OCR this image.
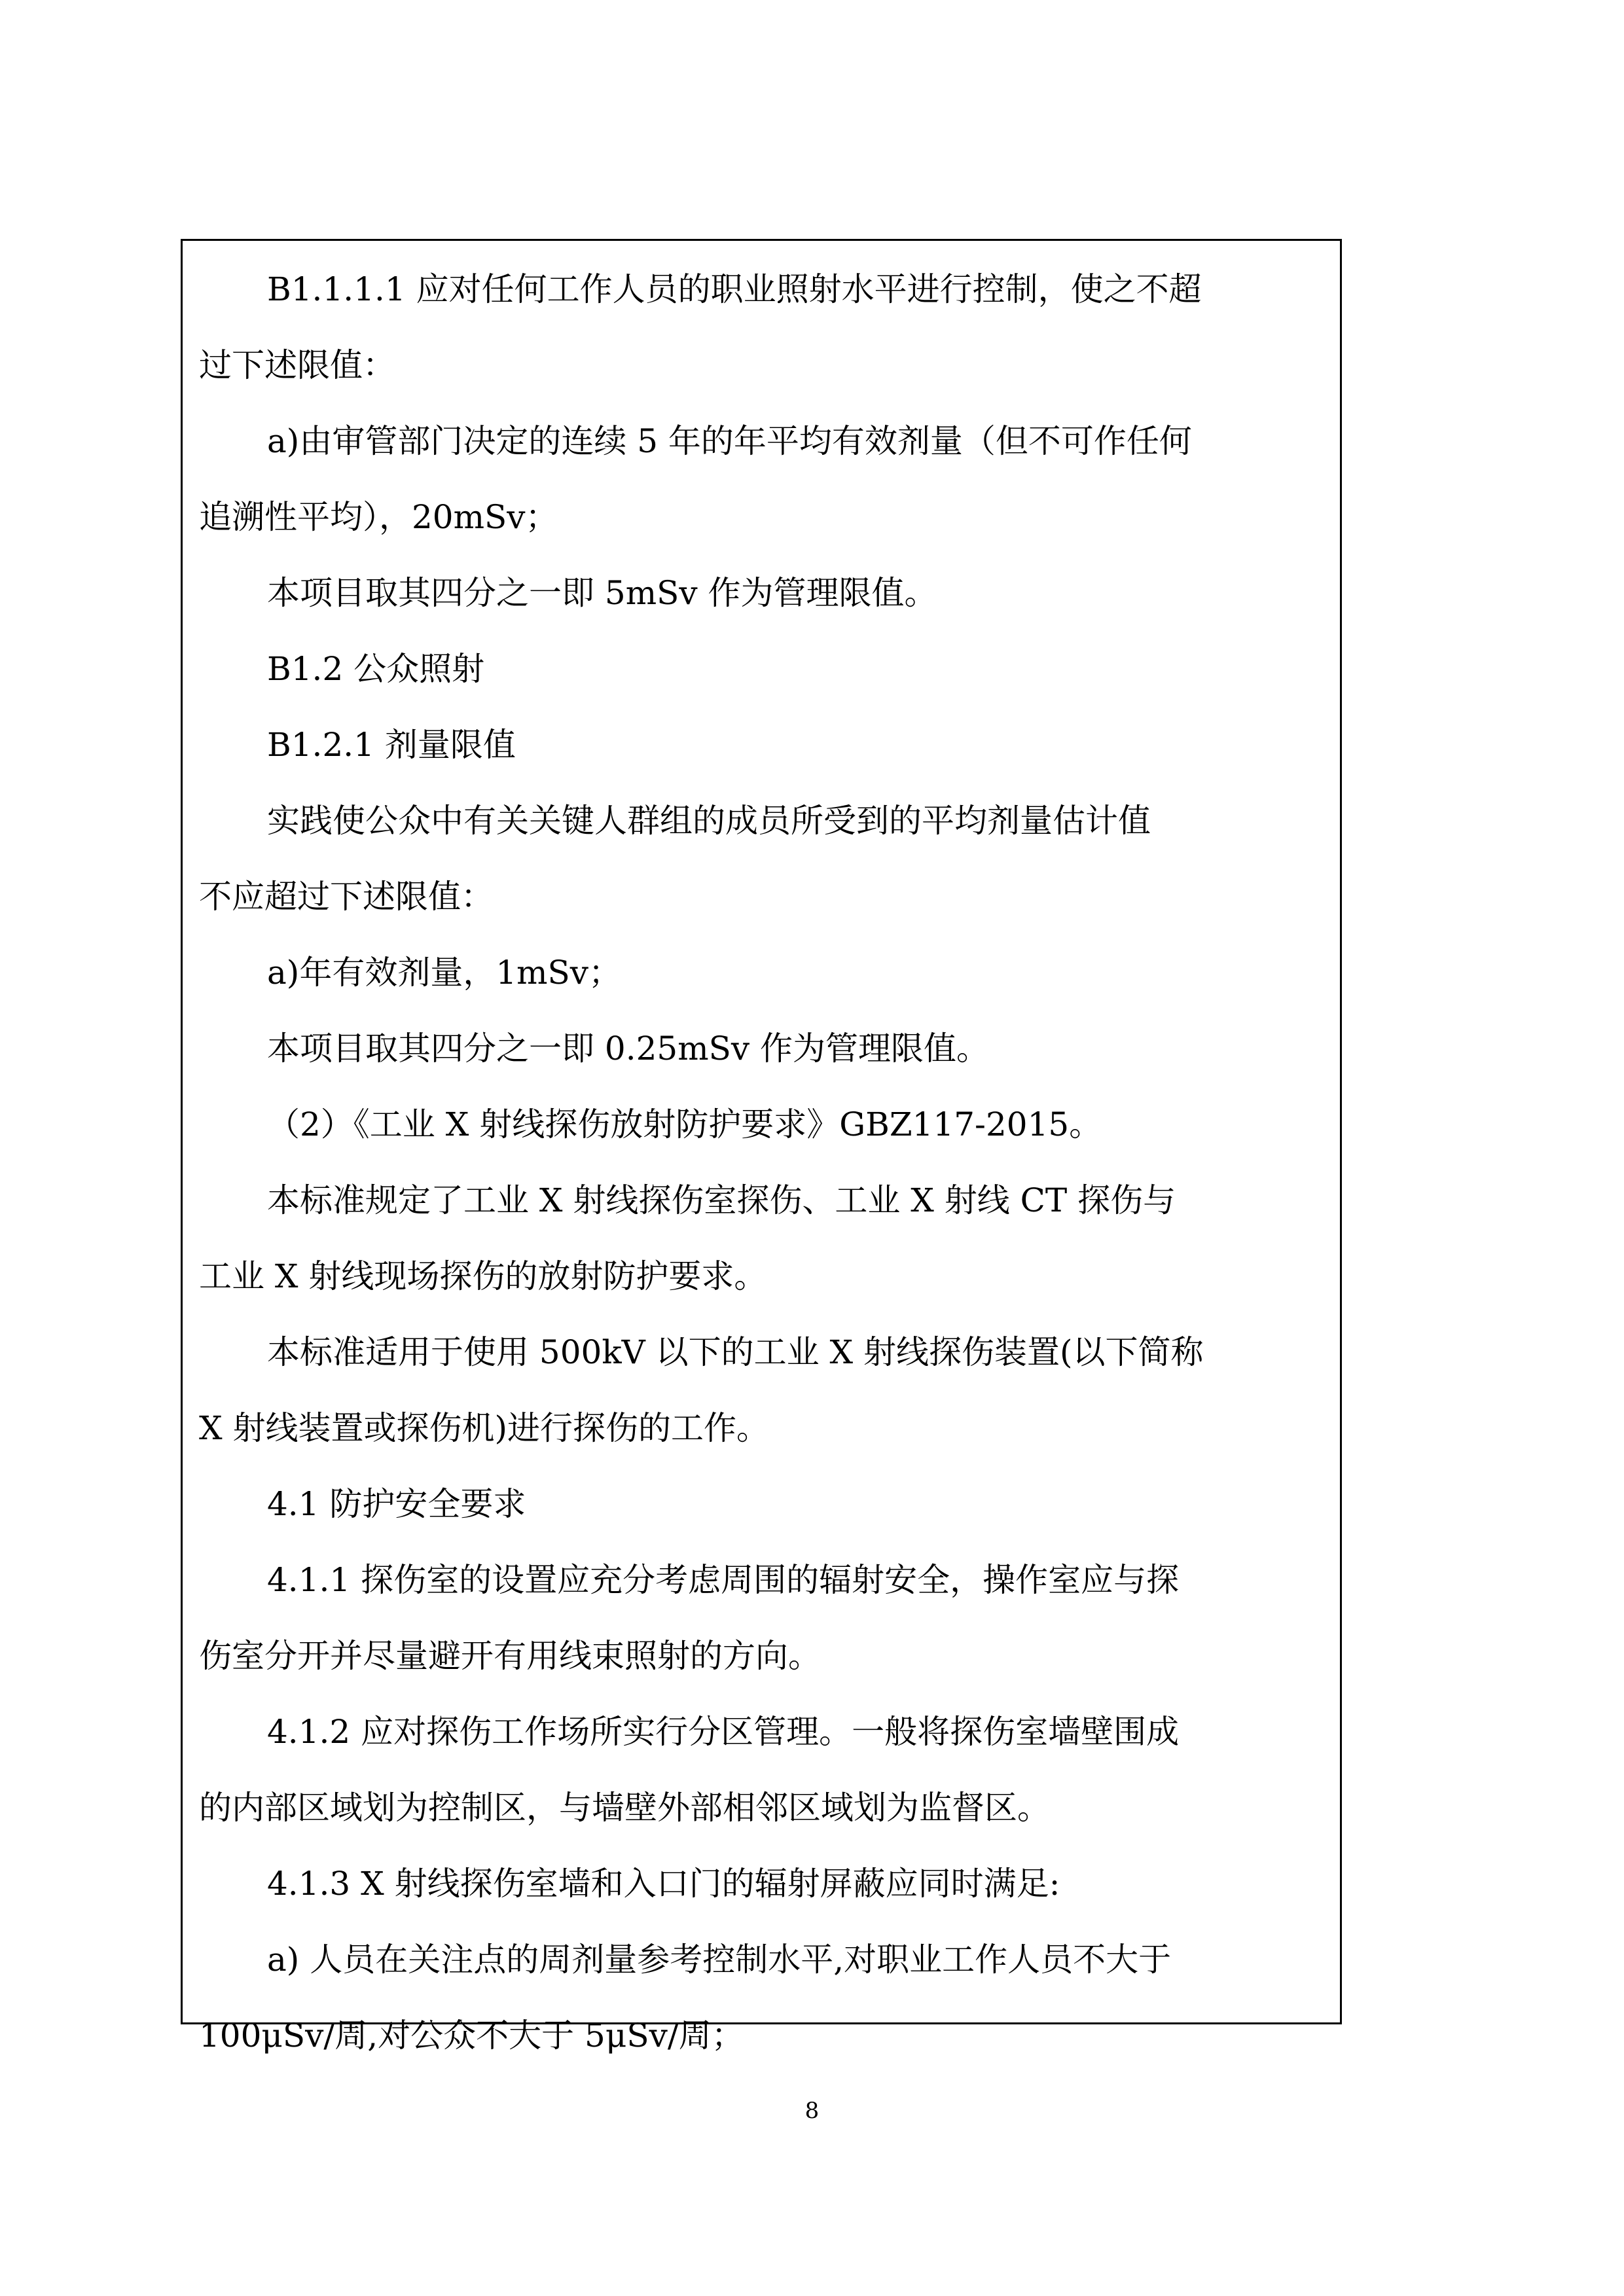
B1.1.1.1 应对任何工作人员的职业照射水平进行控制，使之不超
过下述限值：
a)由审管部门决定的连续 5 年的年平均有效剂量（但不可作任何
追溯性平均），20mSv；
本项目取其四分之一即 5mSv 作为管理限值。
B1.2 公众照射
B1.2.1 剂量限值
实践使公众中有关关键人群组的成员所受到的平均剂量估计值
不应超过下述限值：
a)年有效剂量，1mSv；
本项目取其四分之一即 0.25mSv 作为管理限值。
（2）《工业 X 射线探伤放射防护要求》GBZ117-2015。
本标准规定了工业 X 射线探伤室探伤、工业 X 射线 CT 探伤与
工业 X 射线现场探伤的放射防护要求。
本标准适用于使用 500kV 以下的工业 X 射线探伤装置(以下简称
X 射线装置或探伤机)进行探伤的工作。
4.1 防护安全要求
4.1.1 探伤室的设置应充分考虑周围的辐射安全，操作室应与探
伤室分开并尽量避开有用线束照射的方向。
4.1.2 应对探伤工作场所实行分区管理。一般将探伤室墙壁围成
的内部区域划为控制区，与墙壁外部相邻区域划为监督区。
4.1.3 X 射线探伤室墙和入口门的辐射屏蔽应同时满足:
a) 人员在关注点的周剂量参考控制水平,对职业工作人员不大于
100μSv/周,对公众不大于 5μSv/周；
8
